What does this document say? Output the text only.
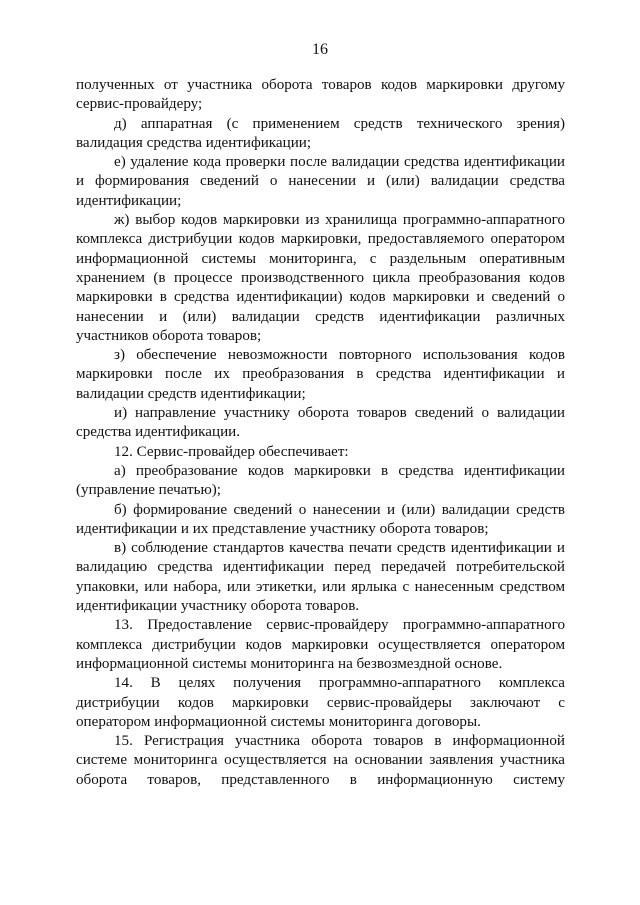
16

полученных от участника оборота товаров кодов маркировки другому сервис-провайдеру;

д) аппаратная (с применением средств технического зрения) валидация средства идентификации;

е) удаление кода проверки после валидации средства идентификации и формирования сведений о нанесении и (или) валидации средства идентификации;

ж) выбор кодов маркировки из хранилища программно-аппаратного комплекса дистрибуции кодов маркировки, предоставляемого оператором информационной системы мониторинга, с раздельным оперативным хранением (в процессе производственного цикла преобразования кодов маркировки в средства идентификации) кодов маркировки и сведений о нанесении и (или) валидации средств идентификации различных участников оборота товаров;

з) обеспечение невозможности повторного использования кодов маркировки после их преобразования в средства идентификации и валидации средств идентификации;

и) направление участнику оборота товаров сведений о валидации средства идентификации.

12. Сервис-провайдер обеспечивает:

а) преобразование кодов маркировки в средства идентификации (управление печатью);

б) формирование сведений о нанесении и (или) валидации средств идентификации и их представление участнику оборота товаров;

в) соблюдение стандартов качества печати средств идентификации и валидацию средства идентификации перед передачей потребительской упаковки, или набора, или этикетки, или ярлыка с нанесенным средством идентификации участнику оборота товаров.

13. Предоставление сервис-провайдеру программно-аппаратного комплекса дистрибуции кодов маркировки осуществляется оператором информационной системы мониторинга на безвозмездной основе.

14. В целях получения программно-аппаратного комплекса дистрибуции кодов маркировки сервис-провайдеры заключают с оператором информационной системы мониторинга договоры.

15. Регистрация участника оборота товаров в информационной системе мониторинга осуществляется на основании заявления участника оборота товаров, представленного в информационную систему
